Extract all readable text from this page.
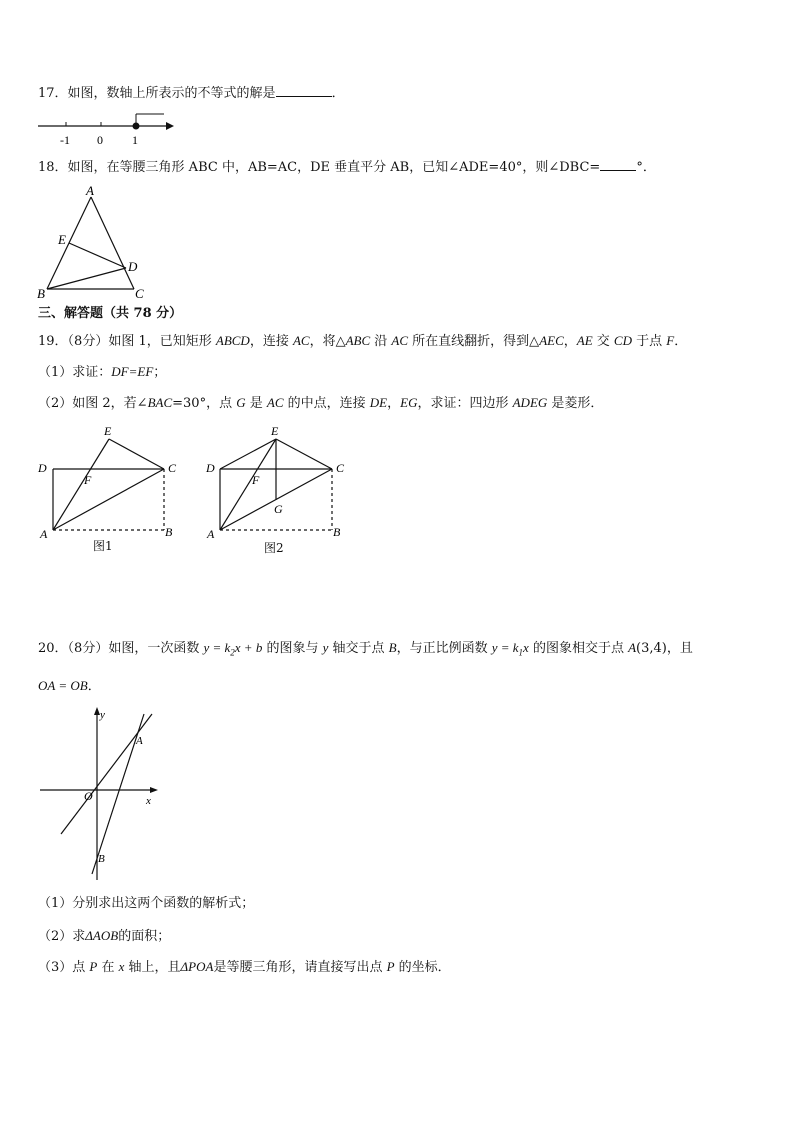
17．如图，数轴上所表示的不等式的解是	．
-1 0 1
18．如图，在等腰三角形 ABC 中，AB=AC，DE 垂直平分 AB，已知∠ADE=40°，则∠DBC=	°．
A
E
D
B	C
三、解答题（共 78 分）
19．（8分）如图 1，已知矩形 ABCD，连接 AC，将△ABC 沿 AC 所在直线翻折，得到△AEC，AE 交 CD 于点 F．
（1）求证：DF=EF；
（2）如图 2，若∠BAC=30°，点 G 是 AC 的中点，连接 DE，EG，求证：四边形 ADEG 是菱形．
E
D	C
F
A	B
图1
E
D	C
F
G
A	B
图2
20．（8分）如图，一次函数 $y = k_2x + b$ 的图象与 y 轴交于点 B，与正比例函数 $y = k_1x$ 的图象相交于点 A(3,4)，且
OA = OB．
y
x
O
A
B
（1）分别求出这两个函数的解析式；
（2）求ΔAOB的面积；
（3）点 P 在 x 轴上，且ΔPOA是等腰三角形，请直接写出点 P 的坐标．
